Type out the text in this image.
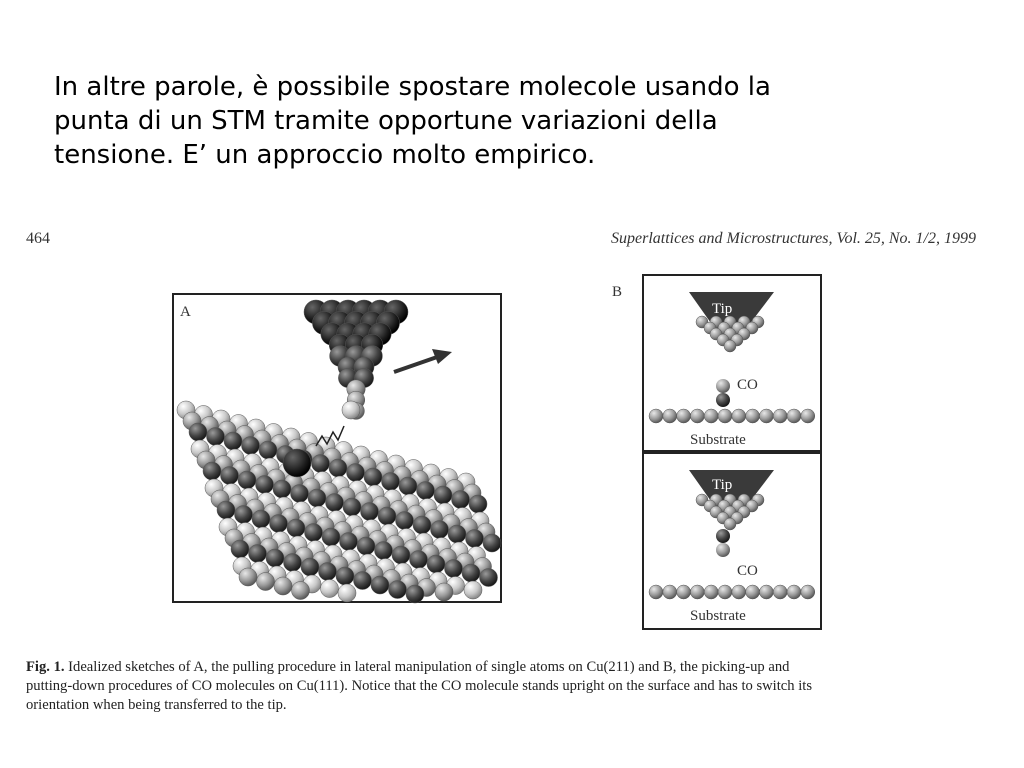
In altre parole, è possibile spostare molecole usando la
punta di un STM tramite opportune variazioni della
tensione. E’ un approccio molto empirico.
464	Superlattices and Microstructures, Vol. 25, No. 1/2, 1999
A
B
Tip
CO
Substrate
Tip
CO
Substrate
Fig. 1. Idealized sketches of A, the pulling procedure in lateral manipulation of single atoms on Cu(211) and B, the picking-up and
putting-down procedures of CO molecules on Cu(111). Notice that the CO molecule stands upright on the surface and has to switch its
orientation when being transferred to the tip.
